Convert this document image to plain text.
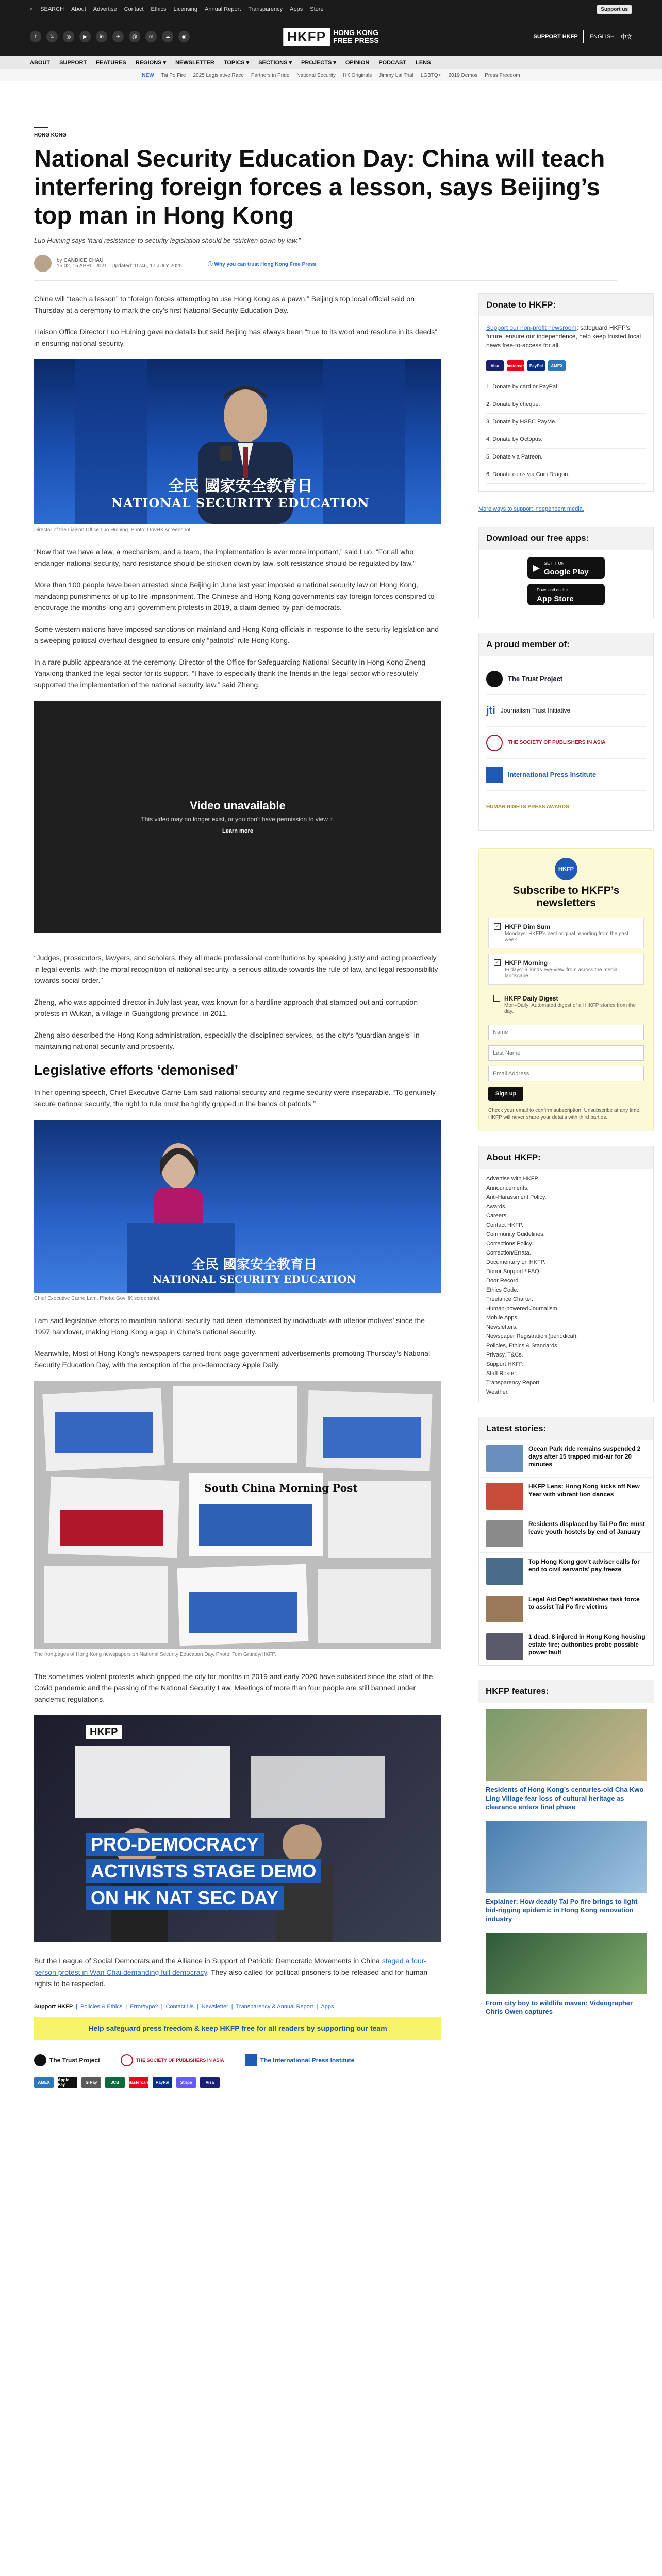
⌕ SEARCH About Advertise Contact Ethics Licensing Annual Report Transparency Apps Store	Support us
f	𝕏	◎	▶	in	✈	@	m	☁	◉	HKFP	HONG KONG
FREE PRESS	SUPPORT HKFP	ENGLISH 中文
ABOUT SUPPORT FEATURES REGIONS ▾ NEWSLETTER TOPICS ▾ SECTIONS ▾ PROJECTS ▾ OPINION PODCAST LENS
NEW Tai Po Fire 2025 Legislative Race Partners in Pride National Security HK Originals Jimmy Lai Trial LGBTQ+ 2019 Demos Press Freedom
HONG KONG
National Security Education Day: China will teach interfering foreign forces a lesson, says Beijing’s top man in Hong Kong
Luo Huining says ‘hard resistance’ to security legislation should be “stricken down by law.”
by CANDICE CHAU
15:02, 15 APRIL 2021 · Updated: 15:46, 17 JULY 2025	ⓘ Why you can trust Hong Kong Free Press

China will “teach a lesson” to “foreign forces attempting to use Hong Kong as a pawn,” Beijing’s top local official said on Thursday at a ceremony to mark the city’s first National Security Education Day.

Liaison Office Director Luo Huining gave no details but said Beijing has always been “true to its word and resolute in its deeds” in ensuring national security.

全民 國家安全教育日
NATIONAL SECURITY EDUCATION
Director of the Liaison Office Luo Huining. Photo: GovHK screenshot.

“Now that we have a law, a mechanism, and a team, the implementation is ever more important,” said Luo. “For all who endanger national security, hard resistance should be stricken down by law, soft resistance should be regulated by law.”

More than 100 people have been arrested since Beijing in June last year imposed a national security law on Hong Kong, mandating punishments of up to life imprisonment. The Chinese and Hong Kong governments say foreign forces conspired to encourage the months-long anti-government protests in 2019, a claim denied by pan-democrats.

Some western nations have imposed sanctions on mainland and Hong Kong officials in response to the security legislation and a sweeping political overhaul designed to ensure only “patriots” rule Hong Kong.

In a rare public appearance at the ceremony, Director of the Office for Safeguarding National Security in Hong Kong Zheng Yanxiong thanked the legal sector for its support. “I have to especially thank the friends in the legal sector who resolutely supported the implementation of the national security law,” said Zheng.

Video unavailable
This video may no longer exist, or you don't have permission to view it.
Learn more

“Judges, prosecutors, lawyers, and scholars, they all made professional contributions by speaking justly and acting proactively in legal events, with the moral recognition of national security, a serious attitude towards the rule of law, and legal responsibility towards social order.”

Zheng, who was appointed director in July last year, was known for a hardline approach that stamped out anti-corruption protests in Wukan, a village in Guangdong province, in 2011.

Zheng also described the Hong Kong administration, especially the disciplined services, as the city’s “guardian angels” in maintaining national security and prosperity.

Legislative efforts ‘demonised’

In her opening speech, Chief Executive Carrie Lam said national security and regime security were inseparable. “To genuinely secure national security, the right to rule must be tightly gripped in the hands of patriots.”

全民 國家安全教育日
NATIONAL SECURITY EDUCATION
Chief Executive Carrie Lam. Photo: GovHK screenshot.

Lam said legislative efforts to maintain national security had been ‘demonised by individuals with ulterior motives’ since the 1997 handover, making Hong Kong a gap in China’s national security.

Meanwhile, Most of Hong Kong’s newspapers carried front-page government advertisements promoting Thursday’s National Security Education Day, with the exception of the pro-democracy Apple Daily.

South China Morning Post
The frontpages of Hong Kong newspapers on National Security Education Day. Photo: Tom Grundy/HKFP.

The sometimes-violent protests which gripped the city for months in 2019 and early 2020 have subsided since the start of the Covid pandemic and the passing of the National Security Law. Meetings of more than four people are still banned under pandemic regulations.

HKFP
PRO-DEMOCRACY
ACTIVISTS STAGE DEMO
ON HK NAT SEC DAY

But the League of Social Democrats and the Alliance in Support of Patriotic Democratic Movements in China staged a four-person protest in Wan Chai demanding full democracy. They also called for political prisoners to be released and for human rights to be respected.

Support HKFP | Policies & Ethics | Error/typo? | Contact Us | Newsletter | Transparency & Annual Report | Apps
Help safeguard press freedom & keep HKFP free for all readers by supporting our team
The Trust Project	THE SOCIETY OF PUBLISHERS IN ASIA	The International Press Institute
AMEX	Apple Pay	G Pay	JCB	Mastercard	PayPal	Stripe	Visa
Donate to HKFP:

Support our non-profit newsroom: safeguard HKFP’s future, ensure our independence, help keep trusted local news free-to-access for all.

Visa	Mastercard PayPal	AMEX
1. Donate by card or PayPal.
2. Donate by cheque.
3. Donate by HSBC PayMe.
4. Donate by Octopus.
5. Donate via Patreon.
6. Donate coins via Coin Dragon.
More ways to support independent media.
Download our free apps:
▶ GET IT ON
Google Play
Download on the
App Store
A proud member of:
The Trust Project
jti Journalism Trust Initiative
THE SOCIETY OF PUBLISHERS IN ASIA
International Press Institute
HUMAN RIGHTS PRESS AWARDS
HKFP
Subscribe to HKFP’s newsletters
✓ HKFP Dim Sum
Mondays: HKFP’s best original reporting from the past week.
✓ HKFP Morning
Fridays: 6 ‘kinds-eye-view’ from across the media landscape.
HKFP Daily Digest
Mon–Daily: Automated digest of all HKFP stories from the day.
Name Last Name Email Address Sign up
Check your email to confirm subscription. Unsubscribe at any time. HKFP will never share your details with third parties.
About HKFP:
Advertise with HKFP.
Announcements.
Anti-Harassment Policy.
Awards.
Careers.
Contact HKFP.
Community Guidelines.
Corrections Policy.
Correction/Errata.
Documentary on HKFP.
Donor Support / FAQ.
Door Record.
Ethics Code.
Freelance Charter.
Human-powered Journalism.
Mobile Apps.
Newsletters.
Newspaper Registration (periodical).
Policies, Ethics & Standards.
Privacy, T&Cs.
Support HKFP.
Staff Roster.
Transparency Report.
Weather.
Latest stories:
Ocean Park ride remains suspended 2 days after 15 trapped mid-air for 20 minutes
HKFP Lens: Hong Kong kicks off New Year with vibrant lion dances
Residents displaced by Tai Po fire must leave youth hostels by end of January
Top Hong Kong gov’t adviser calls for end to civil servants’ pay freeze
Legal Aid Dep’t establishes task force to assist Tai Po fire victims
1 dead, 8 injured in Hong Kong housing estate fire; authorities probe possible power fault
HKFP features:
Residents of Hong Kong’s centuries-old Cha Kwo Ling Village fear loss of cultural heritage as clearance enters final phase
Explainer: How deadly Tai Po fire brings to light bid-rigging epidemic in Hong Kong renovation industry
From city boy to wildlife maven: Videographer Chris Owen captures
